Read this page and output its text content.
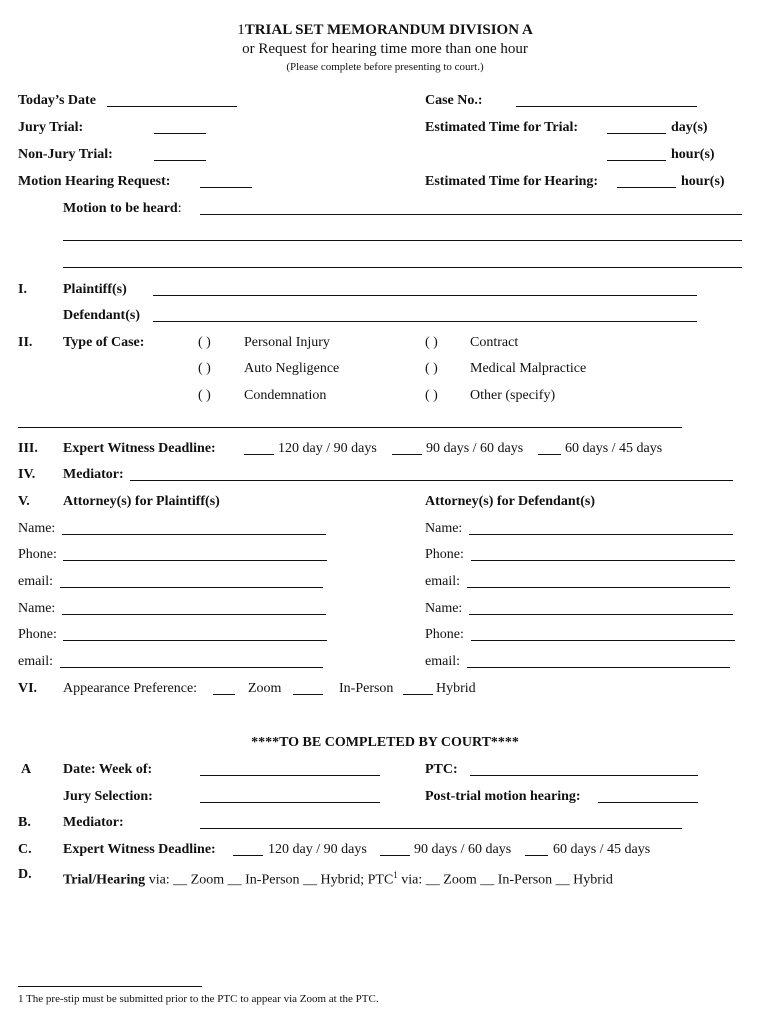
1TRIAL SET MEMORANDUM DIVISION A
or Request for hearing time more than one hour
(Please complete before presenting to court.)
Today’s Date	Case No.:
Jury Trial:	Estimated Time for Trial:	day(s)
Non-Jury Trial:	hour(s)
Motion Hearing Request:	Estimated Time for Hearing:	hour(s)
Motion to be heard:
I.	Plaintiff(s)
Defendant(s)
II. Type of Case:	( ) Personal Injury	( ) Contract
( ) Auto Negligence	( ) Medical Malpractice
( ) Condemnation	( ) Other (specify)
III. Expert Witness Deadline:	120 day / 90 days	90 days / 60 days	60 days / 45 days
IV. Mediator:
V. Attorney(s) for Plaintiff(s)	Attorney(s) for Defendant(s)
Name:	Name:
Phone:	Phone:
email:	email:
Name:	Name:
Phone:	Phone:
email:	email:
VI. Appearance Preference:	Zoom	In-Person	Hybrid
****TO BE COMPLETED BY COURT****
A Date: Week of:	PTC:
Jury Selection:	Post-trial motion hearing:
B. Mediator:
C. Expert Witness Deadline:	120 day / 90 days	90 days / 60 days	60 days / 45 days
D. Trial/Hearing via: __ Zoom __ In-Person __ Hybrid; PTC$^1$ via: __ Zoom __ In-Person __ Hybrid
1 The pre-stip must be submitted prior to the PTC to appear via Zoom at the PTC.
